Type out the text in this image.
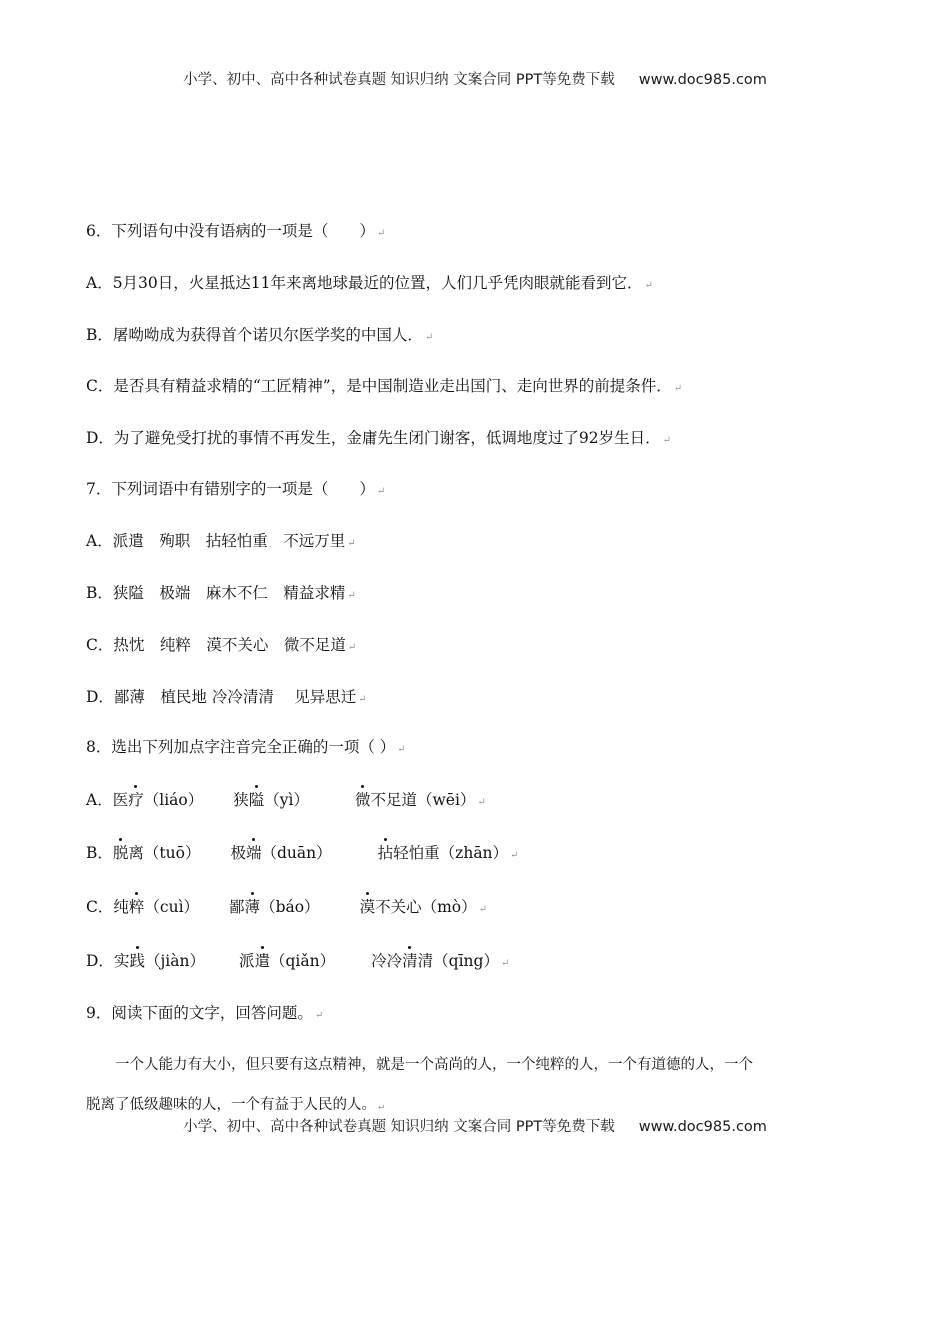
小学、初中、高中各种试卷真题 知识归纳 文案合同 PPT等免费下载 www.doc985.com
6．下列语句中没有语病的一项是（　　） ↵
A．5月30日，火星抵达11年来离地球最近的位置，人们几乎凭肉眼就能看到它． ↵
B．屠呦呦成为获得首个诺贝尔医学奖的中国人． ↵
C．是否具有精益求精的“工匠精神”，是中国制造业走出国门、走向世界的前提条件． ↵
D．为了避免受打扰的事情不再发生，金庸先生闭门谢客，低调地度过了92岁生日． ↵
7．下列词语中有错别字的一项是（　　） ↵
A．派遣　殉职　拈轻怕重　不远万里 ↵
B．狭隘　极端　麻木不仁　精益求精 ↵
C．热忱　纯粹　漠不关心　微不足道 ↵
D．鄙薄　植民地 冷冷清清　 见异思迁 ↵
8．选出下列加点字注音完全正确的一项（ ） ↵
A．医疗（liáo） 狭隘（yì）	微不足道（wēi） ↵
B．脱离（tuō） 极端（duān）	拈轻怕重（zhān） ↵
C．纯粹（cuì） 鄙薄（báo）	漠不关心（mò） ↵
D．实践（jiàn） 派遣（qiǎn） 冷冷清清（qīng） ↵
9．阅读下面的文字，回答问题。 ↵
　　一个人能力有大小，但只要有这点精神，就是一个高尚的人，一个纯粹的人，一个有道德的人，一个
脱离了低级趣味的人，一个有益于人民的人。 ↵
小学、初中、高中各种试卷真题 知识归纳 文案合同 PPT等免费下载 www.doc985.com
